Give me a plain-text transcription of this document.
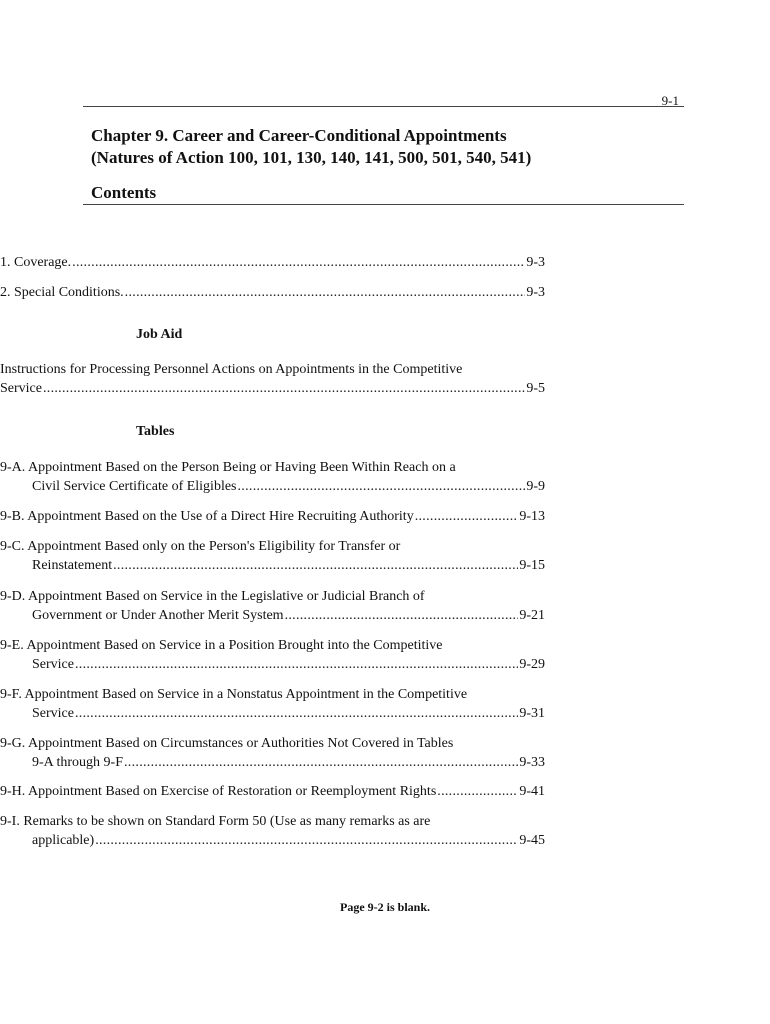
9-1
Chapter 9. Career and Career-Conditional Appointments
(Natures of Action 100, 101, 130, 140, 141, 500, 501, 540, 541)
Contents
1. Coverage. .....	9-3
2. Special Conditions. .....	9-3
Job Aid
Instructions for Processing Personnel Actions on Appointments in the Competitive
Service .....	9-5
Tables
9-A. Appointment Based on the Person Being or Having Been Within Reach on a
Civil Service Certificate of Eligibles .....	9-9
9-B. Appointment Based on the Use of a Direct Hire Recruiting Authority .....	9-13
9-C. Appointment Based only on the Person's Eligibility for Transfer or
Reinstatement .....	9-15
9-D. Appointment Based on Service in the Legislative or Judicial Branch of
Government or Under Another Merit System .....	9-21
9-E. Appointment Based on Service in a Position Brought into the Competitive
Service .....	9-29
9-F. Appointment Based on Service in a Nonstatus Appointment in the Competitive
Service .....	9-31
9-G. Appointment Based on Circumstances or Authorities Not Covered in Tables
9-A through 9-F .....	9-33
9-H. Appointment Based on Exercise of Restoration or Reemployment Rights .....	9-41
9-I. Remarks to be shown on Standard Form 50 (Use as many remarks as are
applicable) .....	9-45
Page 9-2 is blank.
